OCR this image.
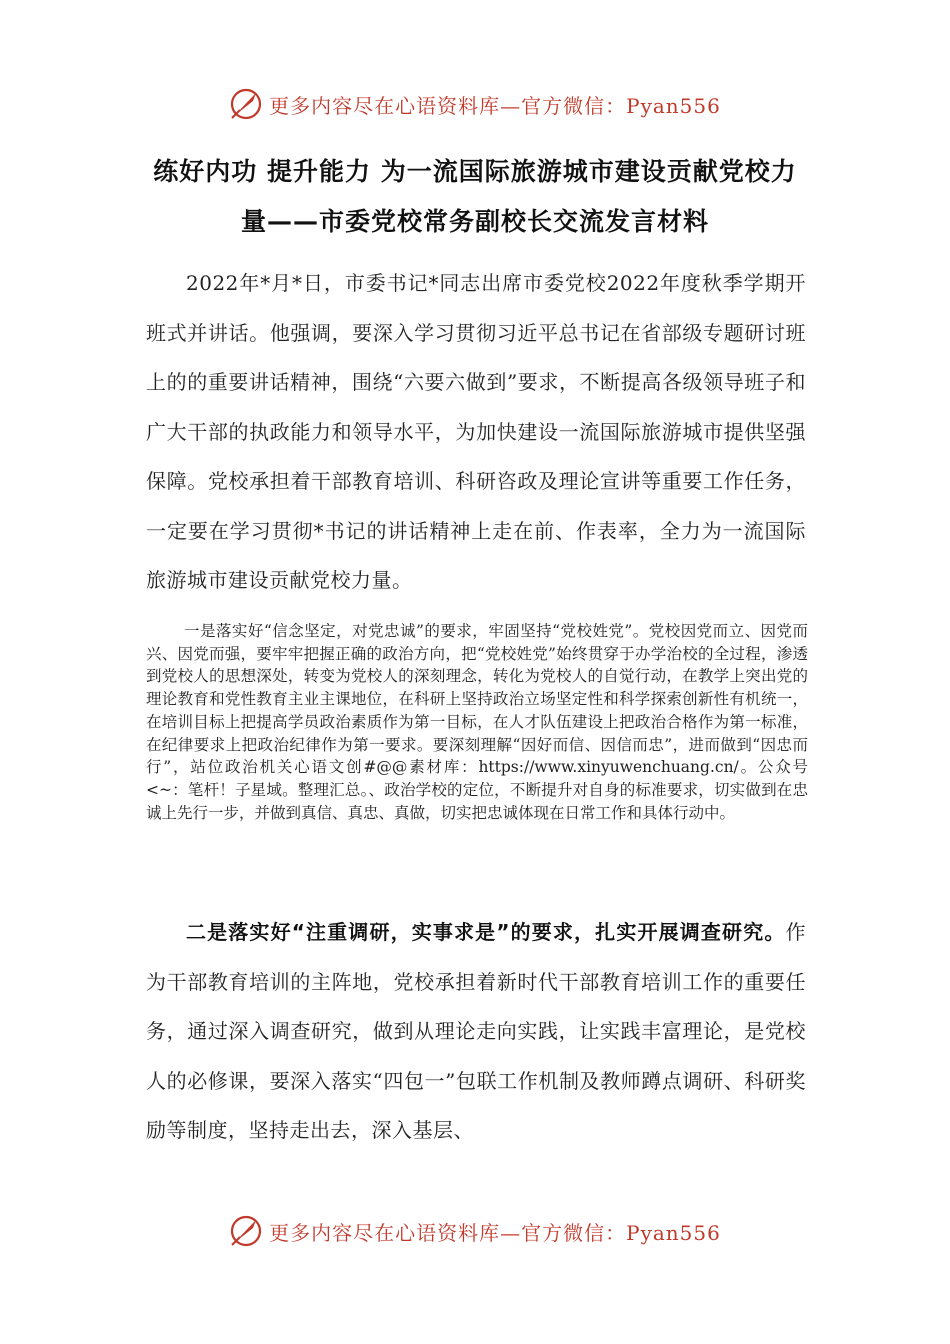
更多内容尽在心语资料库—官方微信：Pyan556
练好内功 提升能力 为一流国际旅游城市建设贡献党校力
量——市委党校常务副校长交流发言材料

2022年*月*日，市委书记*同志出席市委党校2022年度秋季学期开班式并讲话。他强调，要深入学习贯彻习近平总书记在省部级专题研讨班上的的重要讲话精神，围绕“六要六做到”要求，不断提高各级领导班子和广大干部的执政能力和领导水平，为加快建设一流国际旅游城市提供坚强保障。党校承担着干部教育培训、科研咨政及理论宣讲等重要工作任务，一定要在学习贯彻*书记的讲话精神上走在前、作表率，全力为一流国际旅游城市建设贡献党校力量。

一是落实好“信念坚定，对党忠诚”的要求，牢固坚持“党校姓党”。党校因党而立、因党而兴、因党而强，要牢牢把握正确的政治方向，把“党校姓党”始终贯穿于办学治校的全过程，渗透到党校人的思想深处，转变为党校人的深刻理念，转化为党校人的自觉行动，在教学上突出党的理论教育和党性教育主业主课地位，在科研上坚持政治立场坚定性和科学探索创新性有机统一，在培训目标上把提高学员政治素质作为第一目标，在人才队伍建设上把政治合格作为第一标准，在纪律要求上把政治纪律作为第一要求。要深刻理解“因好而信、因信而忠”，进而做到“因忠而行”，站位政治机关心语文创#@@素材库：https://www.xinyuwenchuang.cn/。公众号<~：笔杆！子星域。整理汇总。、政治学校的定位，不断提升对自身的标准要求，切实做到在忠诚上先行一步，并做到真信、真忠、真做，切实把忠诚体现在日常工作和具体行动中。

二是落实好“注重调研，实事求是”的要求，扎实开展调查研究。作为干部教育培训的主阵地，党校承担着新时代干部教育培训工作的重要任务，通过深入调查研究，做到从理论走向实践，让实践丰富理论，是党校人的必修课，要深入落实“四包一”包联工作机制及教师蹲点调研、科研奖励等制度，坚持走出去，深入基层、

更多内容尽在心语资料库—官方微信：Pyan556
